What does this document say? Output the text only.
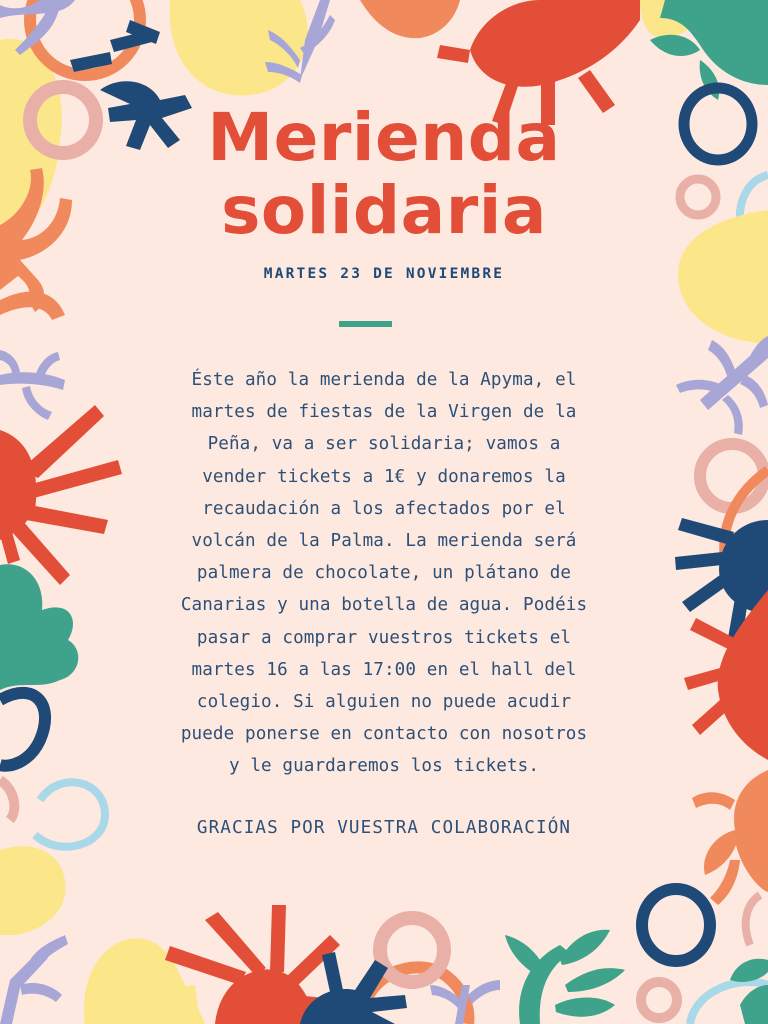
Merienda
solidaria
MARTES 23 DE NOVIEMBRE
Éste año la merienda de la Apyma, el
martes de fiestas de la Virgen de la
Peña, va a ser solidaria; vamos a
vender tickets a 1€ y donaremos la
recaudación a los afectados por el
volcán de la Palma. La merienda será
palmera de chocolate, un plátano de
Canarias y una botella de agua. Podéis
pasar a comprar vuestros tickets el
martes 16 a las 17:00 en el hall del
colegio. Si alguien no puede acudir
puede ponerse en contacto con nosotros
y le guardaremos los tickets.
GRACIAS POR VUESTRA COLABORACIÓN
